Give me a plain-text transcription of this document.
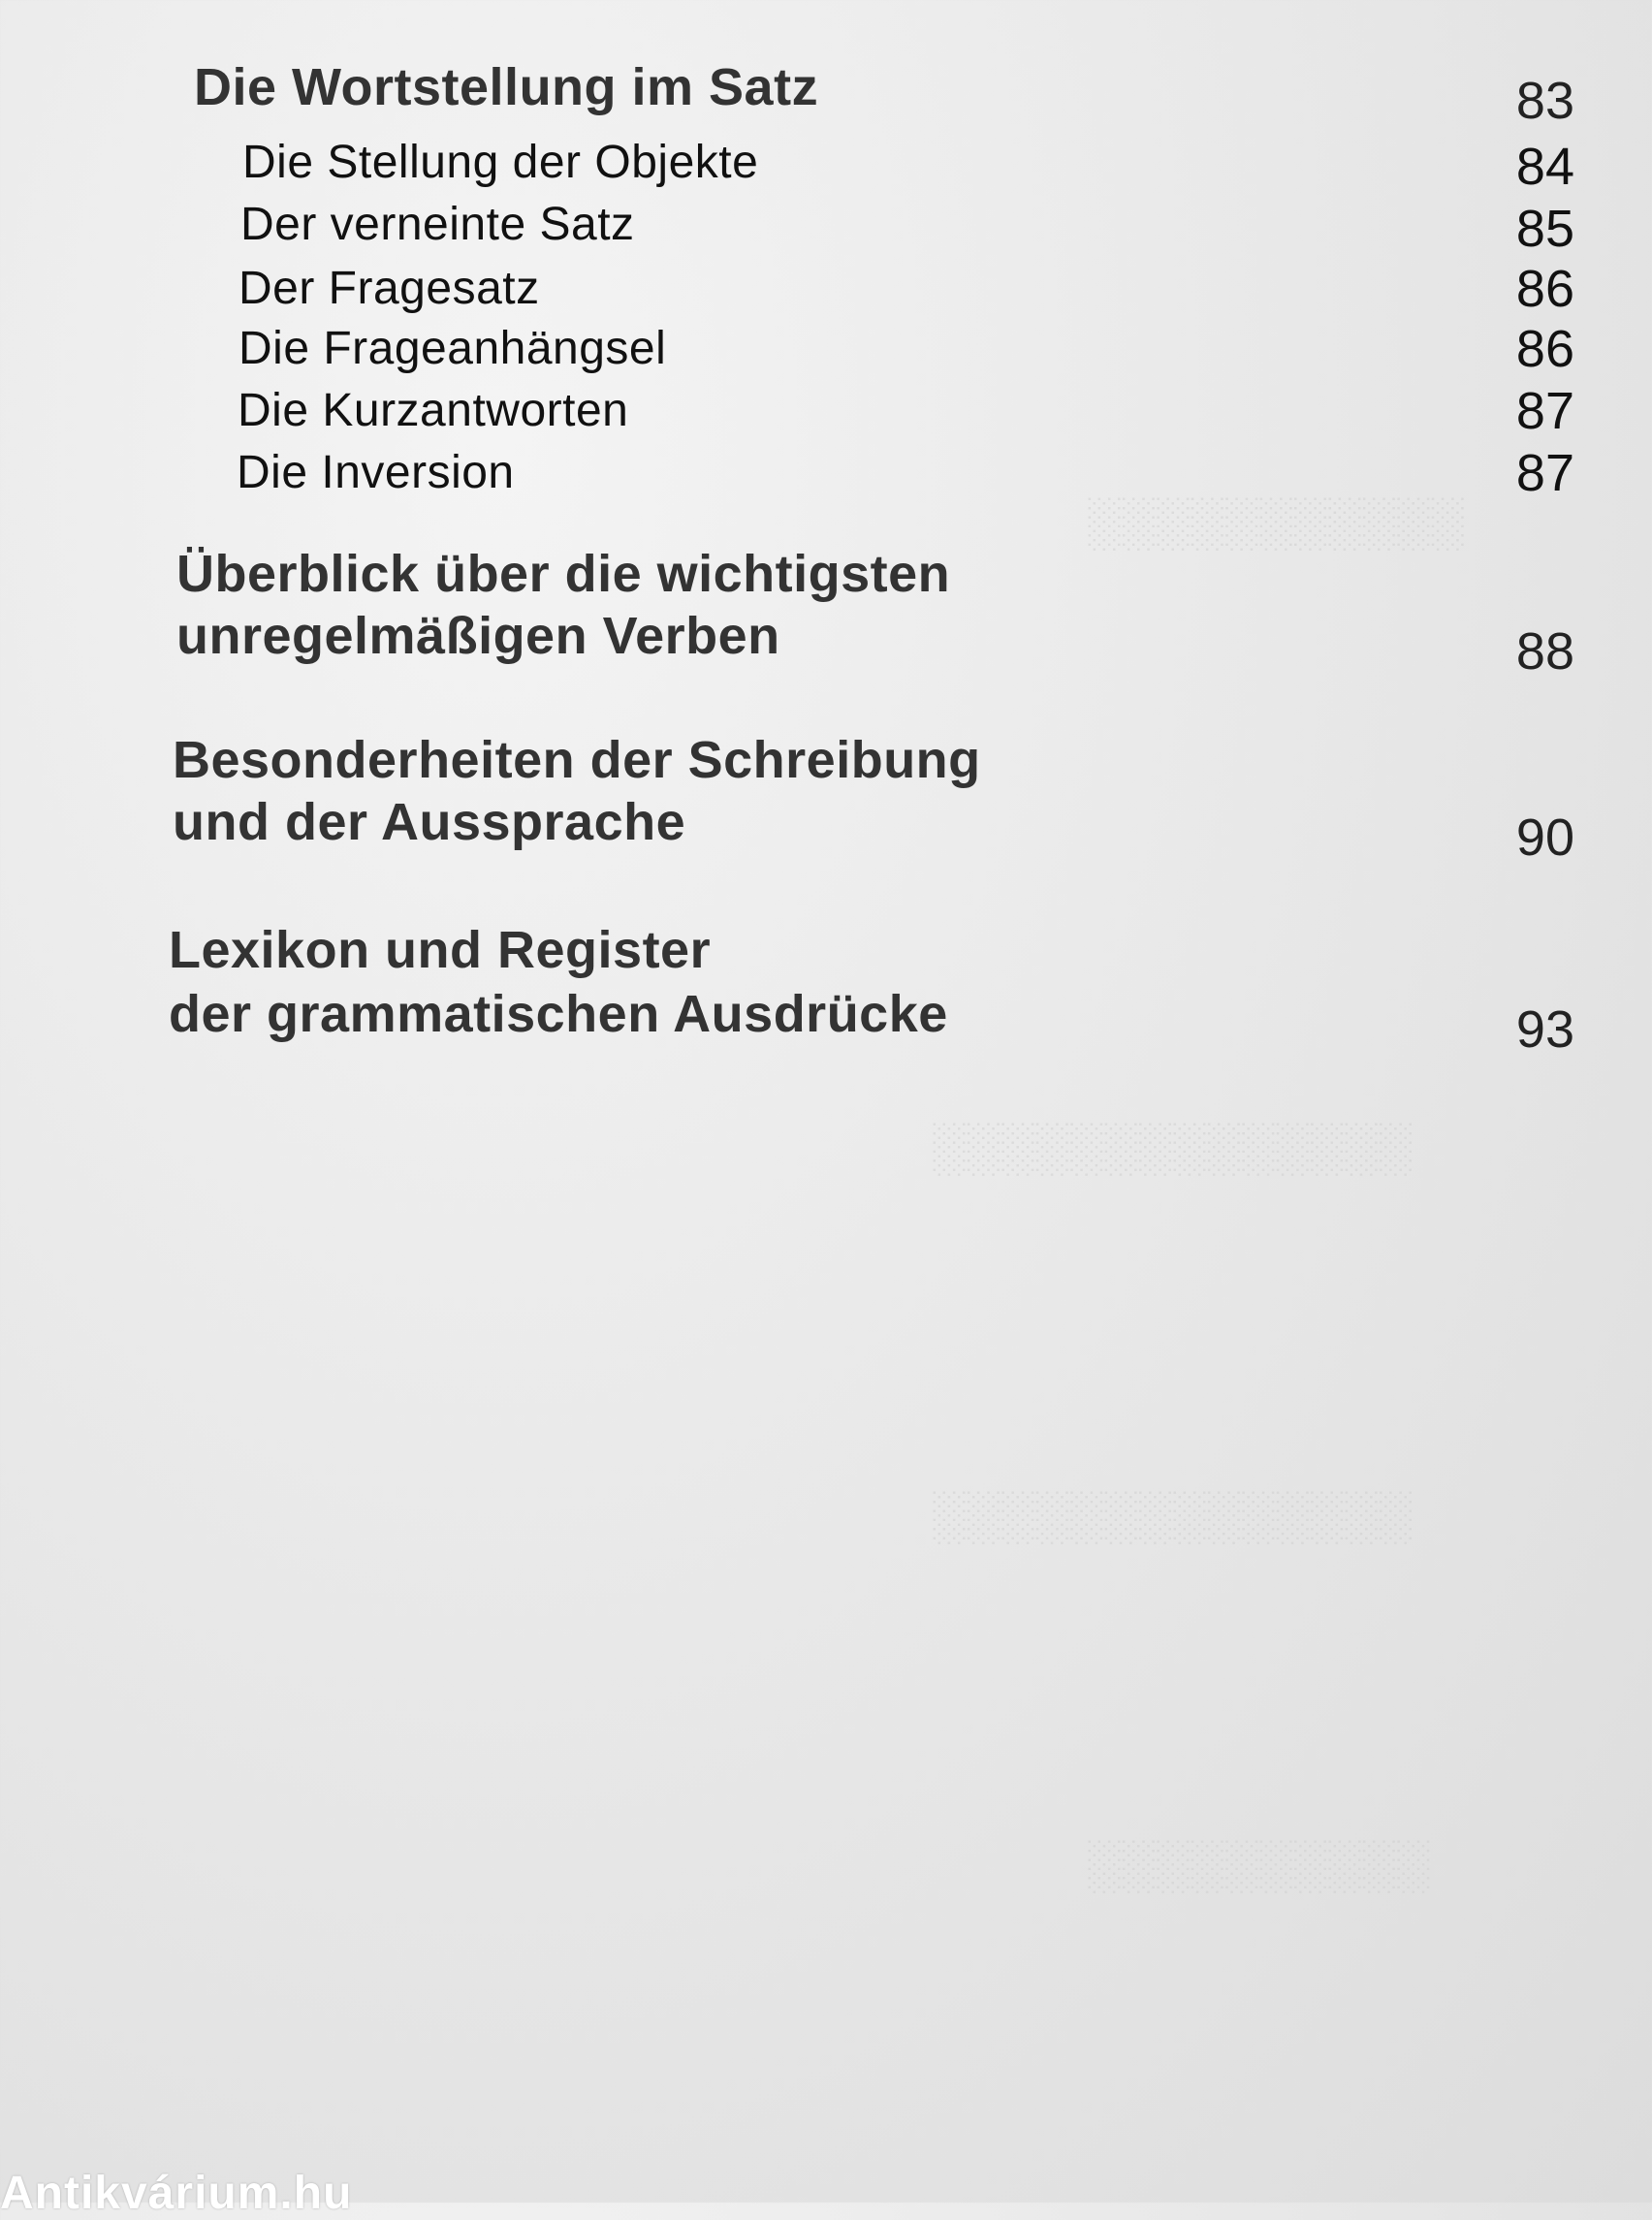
░░░░░░░░░░░
░░░░░░░░░░░░░░
░░░░░░░░░░░░░░
░░░░░░░░░░
Die Wortstellung im Satz	83
Die Stellung der Objekte	84
Der verneinte Satz	85
Der Fragesatz	86
Die Frageanhängsel	86
Die Kurzantworten	87
Die Inversion	87
Überblick über die wichtigsten
unregelmäßigen Verben	88
Besonderheiten der Schreibung
und der Aussprache	90
Lexikon und Register
der grammatischen Ausdrücke	93
Antikvárium.hu
